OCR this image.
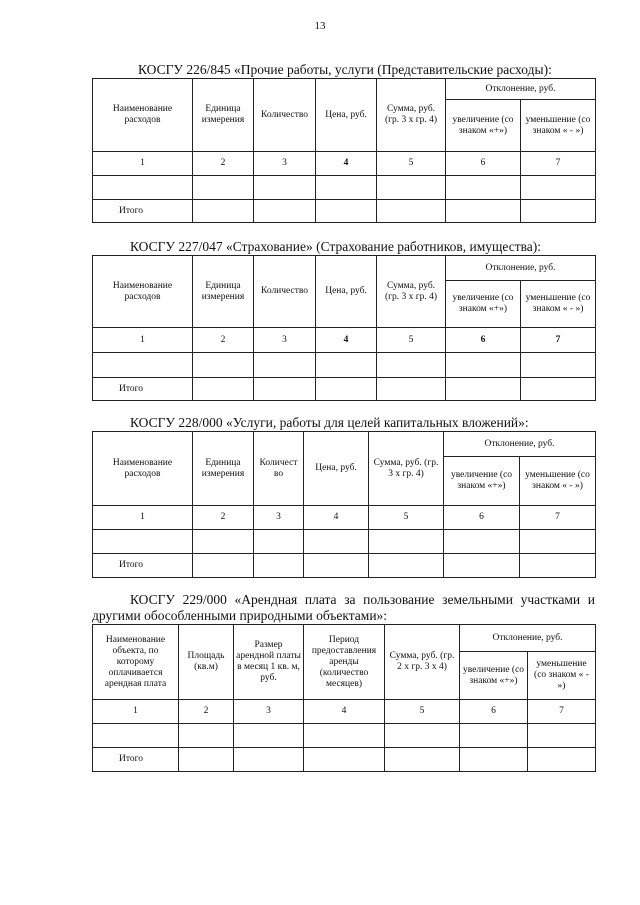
13
КОСГУ 226/845 «Прочие работы, услуги (Представительские расходы):
Наименование расходов	Единица измерения	Количество	Цена, руб.	Сумма, руб. (гр. 3 х гр. 4)	Отклонение, руб.	
					увеличение (со знаком «+»)	уменьшение (со знаком « - »)
1	2	3	4	5	6	7

Итого						
КОСГУ 227/047 «Страхование» (Страхование работников, имущества):
Наименование расходов	Единица измерения	Количество	Цена, руб.	Сумма, руб. (гр. 3 х гр. 4)	Отклонение, руб.	
					увеличение (со знаком «+»)	уменьшение (со знаком « - »)
1	2	3	4	5	6	7

Итого						
КОСГУ 228/000 «Услуги, работы для целей капитальных вложений»:
Наименование расходов	Единица измерения	Количест во	Цена, руб.	Сумма, руб. (гр. 3 х гр. 4)	Отклонение, руб.	
					увеличение (со знаком «+»)	уменьшение (со знаком « - »)
1	2	3	4	5	6	7

Итого						
КОСГУ 229/000 «Арендная плата за пользование земельными участками и другими обособленными природными объектами»:
Наименование объекта, по которому оплачивается арендная плата	Площадь (кв.м)	Размер арендной платы в месяц 1 кв. м, руб.	Период предоставления аренды (количество месяцев)	Сумма, руб. (гр. 2 х гр. 3 х 4)	Отклонение, руб.	
					увеличение (со знаком «+»)	уменьшение (со знаком « - »)
1	2	3	4	5	6	7

Итого						
